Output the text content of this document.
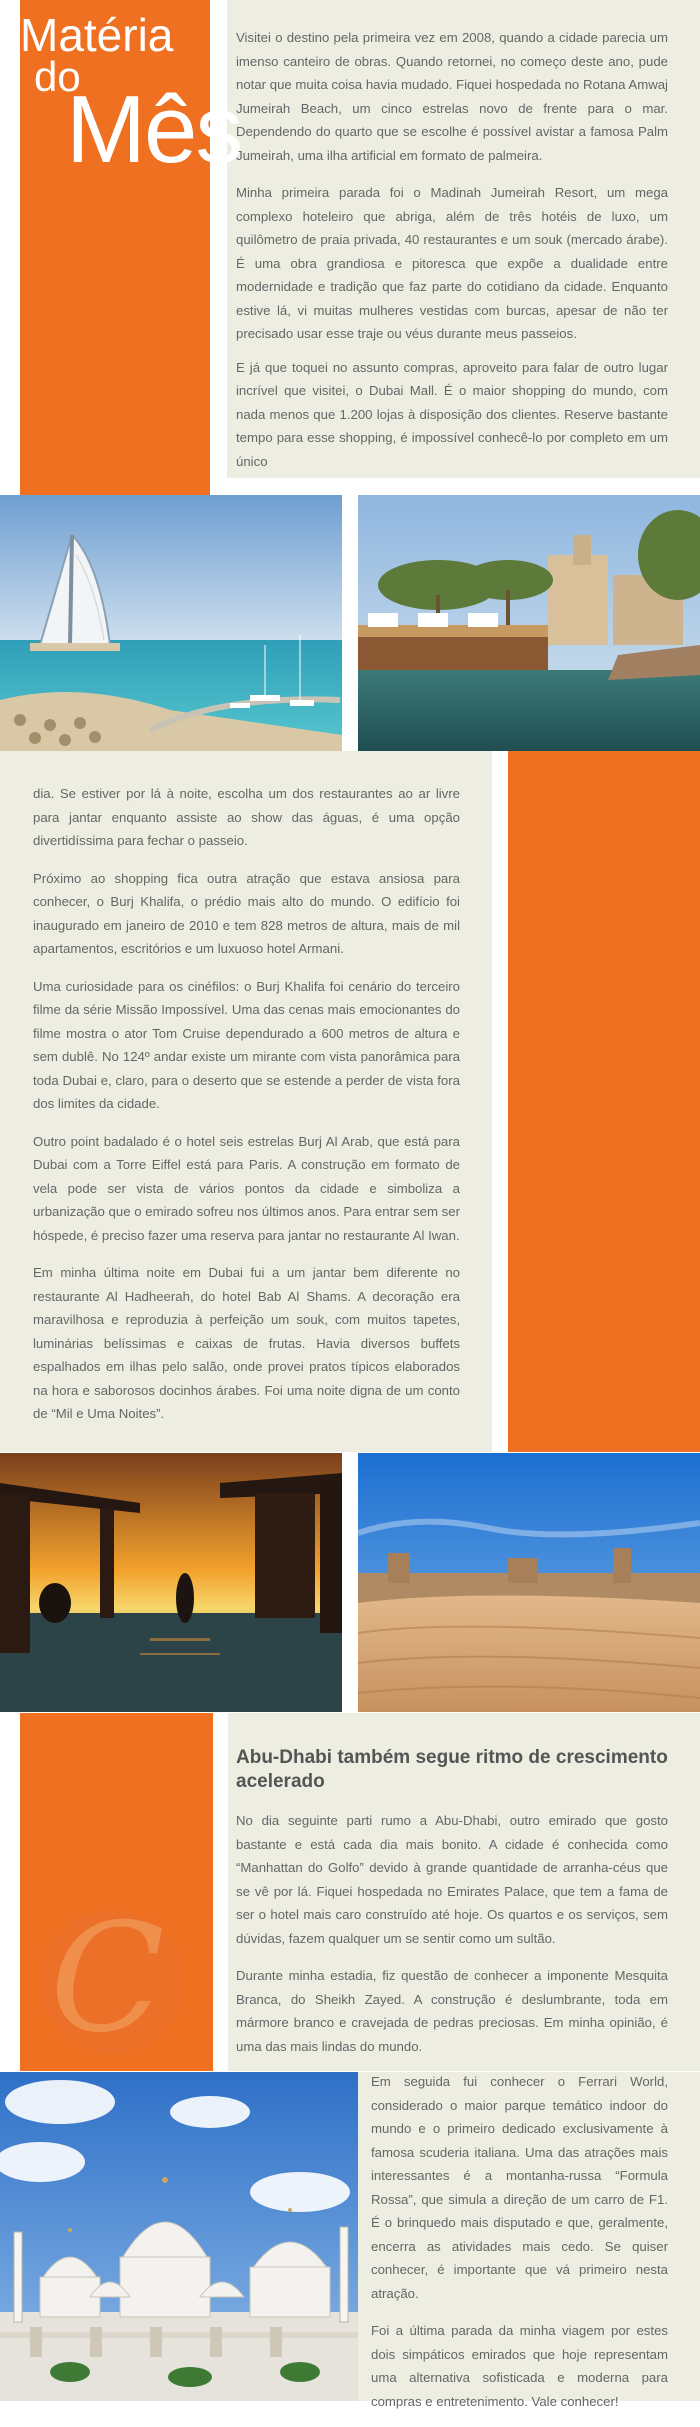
Matéria
do
Mês

Visitei o destino pela primeira vez em 2008, quando a cidade parecia um imenso canteiro de obras. Quando retornei, no começo deste ano, pude notar que muita coisa havia mudado. Fiquei hospedada no Rotana Amwaj Jumeirah Beach, um cinco estrelas novo de frente para o mar. Dependendo do quarto que se escolhe é possível avistar a famosa Palm Jumeirah, uma ilha artificial em formato de palmeira.

Minha primeira parada foi o Madinah Jumeirah Resort, um mega complexo hoteleiro que abriga, além de três hotéis de luxo, um quilômetro de praia privada, 40 restaurantes e um souk (mercado árabe). É uma obra grandiosa e pitoresca que expõe a dualidade entre modernidade e tradição que faz parte do cotidiano da cidade. Enquanto estive lá, vi muitas mulheres vestidas com burcas, apesar de não ter precisado usar esse traje ou véus durante meus passeios.

E já que toquei no assunto compras, aproveito para falar de outro lugar incrível que visitei, o Dubai Mall. É o maior shopping do mundo, com nada menos que 1.200 lojas à disposição dos clientes. Reserve bastante tempo para esse shopping, é impossível conhecê-lo por completo em um único

dia. Se estiver por lá à noite, escolha um dos restaurantes ao ar livre para jantar enquanto assiste ao show das águas, é uma opção divertidíssima para fechar o passeio.

Próximo ao shopping fica outra atração que estava ansiosa para conhecer, o Burj Khalifa, o prédio mais alto do mundo. O edifício foi inaugurado em janeiro de 2010 e tem 828 metros de altura, mais de mil apartamentos, escritórios e um luxuoso hotel Armani.

Uma curiosidade para os cinéfilos: o Burj Khalifa foi cenário do terceiro filme da série Missão Impossível. Uma das cenas mais emocionantes do filme mostra o ator Tom Cruise dependurado a 600 metros de altura e sem dublê. No 124º andar existe um mirante com vista panorâmica para toda Dubai e, claro, para o deserto que se estende a perder de vista fora dos limites da cidade.

Outro point badalado é o hotel seis estrelas Burj Al Arab, que está para Dubai com a Torre Eiffel está para Paris. A construção em formato de vela pode ser vista de vários pontos da cidade e simboliza a urbanização que o emirado sofreu nos últimos anos. Para entrar sem ser hóspede, é preciso fazer uma reserva para jantar no restaurante Al Iwan.

Em minha última noite em Dubai fui a um jantar bem diferente no restaurante Al Hadheerah, do hotel Bab Al Shams. A decoração era maravilhosa e reproduzia à perfeição um souk, com muitos tapetes, luminárias belíssimas e caixas de frutas. Havia diversos buffets espalhados em ilhas pelo salão, onde provei pratos típicos elaborados na hora e saborosos docinhos árabes. Foi uma noite digna de um conto de “Mil e Uma Noites”.

C
Abu-Dhabi também segue ritmo de crescimento acelerado

No dia seguinte parti rumo a Abu-Dhabi, outro emirado que gosto bastante e está cada dia mais bonito. A cidade é conhecida como “Manhattan do Golfo” devido à grande quantidade de arranha-céus que se vê por lá. Fiquei hospedada no Emirates Palace, que tem a fama de ser o hotel mais caro construído até hoje. Os quartos e os serviços, sem dúvidas, fazem qualquer um se sentir como um sultão.

Durante minha estadia, fiz questão de conhecer a imponente Mesquita Branca, do Sheikh Zayed. A construção é deslumbrante, toda em mármore branco e cravejada de pedras preciosas. Em minha opinião, é uma das mais lindas do mundo.

Em seguida fui conhecer o Ferrari World, considerado o maior parque temático indoor do mundo e o primeiro dedicado exclusivamente à famosa scuderia italiana. Uma das atrações mais interessantes é a montanha-russa “Formula Rossa”, que simula a direção de um carro de F1. É o brinquedo mais disputado e que, geralmente, encerra as atividades mais cedo. Se quiser conhecer, é importante que vá primeiro nesta atração.

Foi a última parada da minha viagem por estes dois simpáticos emirados que hoje representam uma alternativa sofisticada e moderna para compras e entretenimento. Vale conhecer!
